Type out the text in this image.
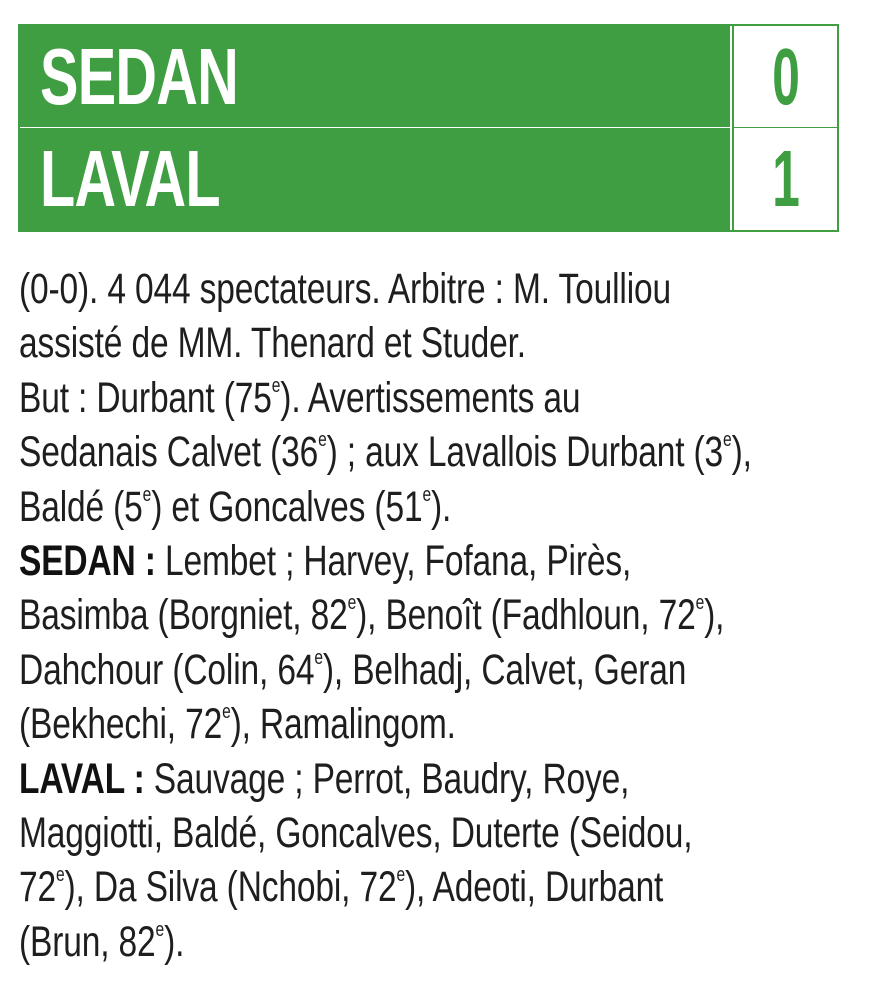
SEDAN	0
LAVAL	1
(0-0). 4 044 spectateurs. Arbitre : M. Toulliou
assisté de MM. Thenard et Studer.
But : Durbant (75e). Avertissements au
Sedanais Calvet (36e) ; aux Lavallois Durbant (3e),
Baldé (5e) et Goncalves (51e).
SEDAN : Lembet ; Harvey, Fofana, Pirès,
Basimba (Borgniet, 82e), Benoît (Fadhloun, 72e),
Dahchour (Colin, 64e), Belhadj, Calvet, Geran
(Bekhechi, 72e), Ramalingom.
LAVAL : Sauvage ; Perrot, Baudry, Roye,
Maggiotti, Baldé, Goncalves, Duterte (Seidou,
72e), Da Silva (Nchobi, 72e), Adeoti, Durbant
(Brun, 82e).
